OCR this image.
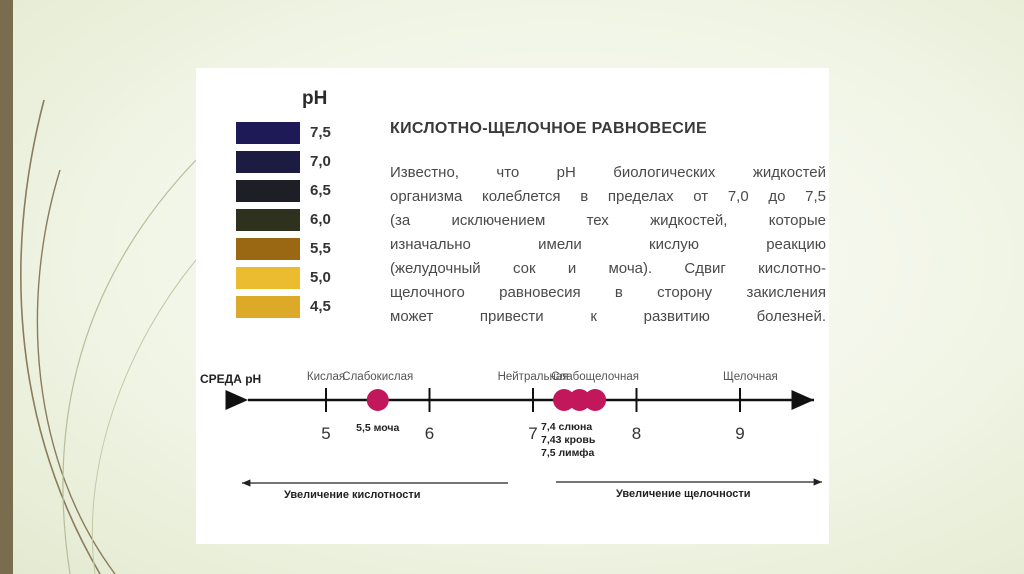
pH
7,5
7,0
6,5
6,0
5,5
5,0
4,5
КИСЛОТНО-ЩЕЛОЧНОЕ РАВНОВЕСИЕ
Известно, что pH биологических жидкостей
организма колеблется в пределах от 7,0 до 7,5
(за исключением тех жидкостей, которые
изначально имели кислую реакцию
(желудочный сок и моча). Сдвиг кислотно-
щелочного равновесия в сторону закисления
может привести к развитию болезней.
СРЕДА pH	Кислая
Слабокислая	Нейтральная
Слабощелочная	Щелочная
5	6	7	8	9
5,5 моча	7,4 слюна
7,43 кровь
7,5 лимфа
Увеличение кислотности	Увеличение щелочности
